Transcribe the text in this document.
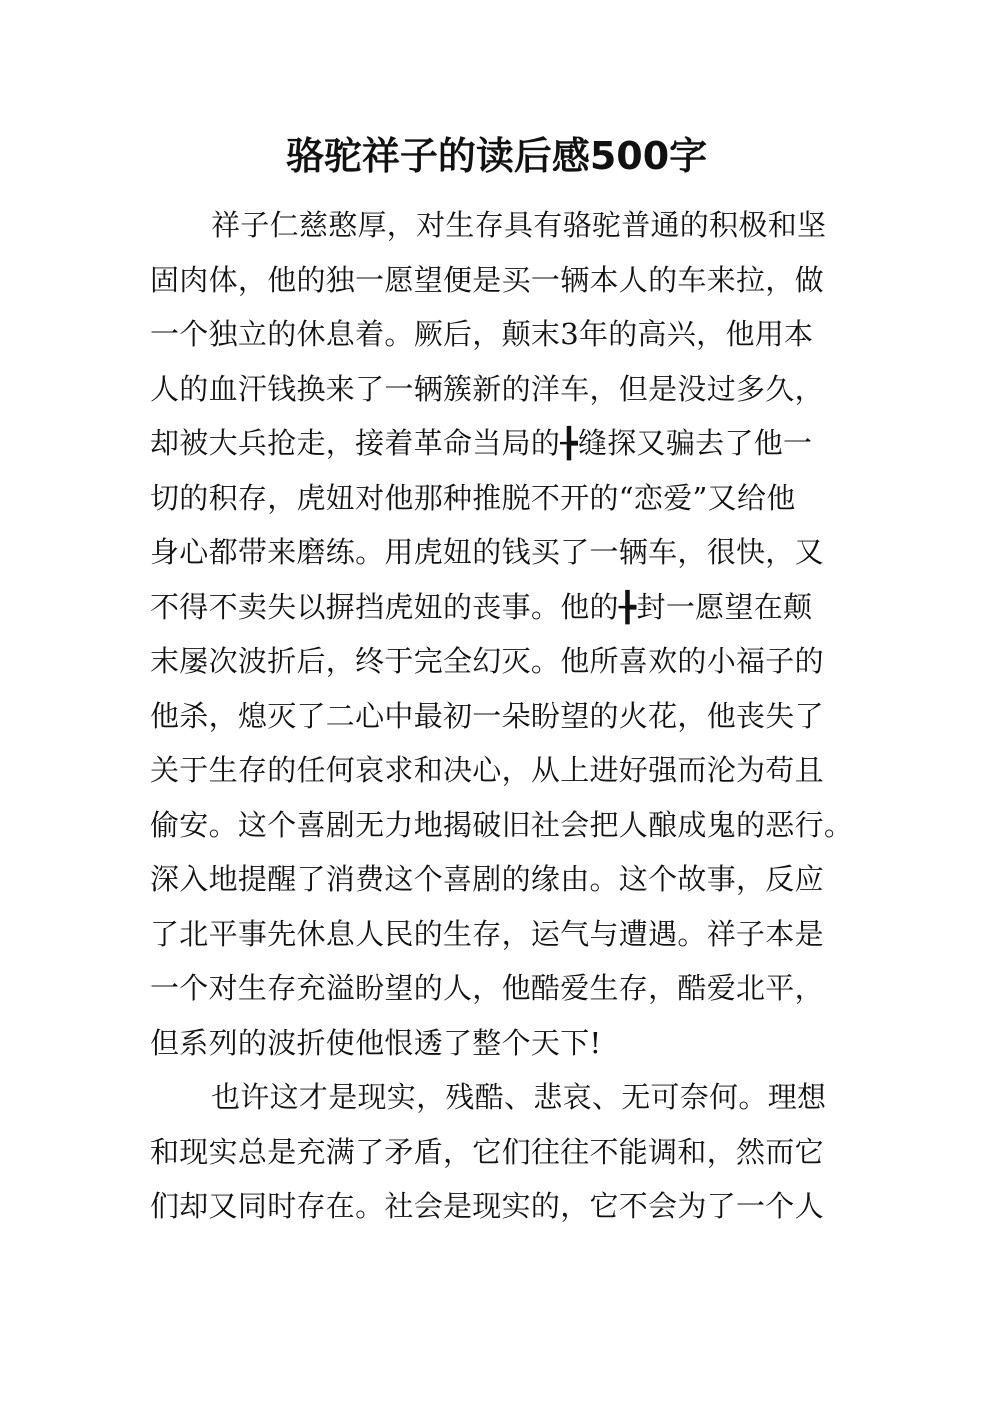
骆驼祥子的读后感500字
祥子仁慈憨厚，对生存具有骆驼普通的积极和坚
固肉体，他的独一愿望便是买一辆本人的车来拉，做
一个独立的休息着。厥后，颠末3年的高兴，他用本
人的血汗钱换来了一辆簇新的洋车，但是没过多久，
却被大兵抢走，接着革命当局的╊缝探又骗去了他一
切的积存，虎妞对他那种推脱不开的“恋爱”又给他
身心都带来磨练。用虎妞的钱买了一辆车，很快，又
不得不卖失以摒挡虎妞的丧事。他的╊封一愿望在颠
末屡次波折后，终于完全幻灭。他所喜欢的小福子的
他杀，熄灭了二心中最初一朵盼望的火花，他丧失了
关于生存的任何哀求和决心，从上进好强而沦为苟且
偷安。这个喜剧无力地揭破旧社会把人酿成鬼的恶行。
深入地提醒了消费这个喜剧的缘由。这个故事，反应
了北平事先休息人民的生存，运气与遭遇。祥子本是
一个对生存充溢盼望的人，他酷爱生存，酷爱北平，
但系列的波折使他恨透了整个天下!
也许这才是现实，残酷、悲哀、无可奈何。理想
和现实总是充满了矛盾，它们往往不能调和，然而它
们却又同时存在。社会是现实的，它不会为了一个人
